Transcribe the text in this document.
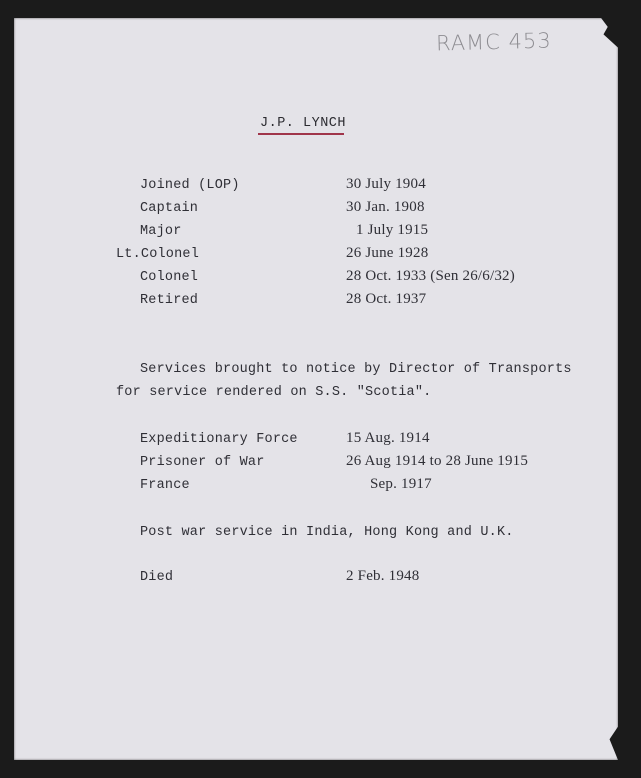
RAMC 453
J.P. LYNCH
Joined (LOP)	30 July 1904
Captain	30 Jan. 1908
Major	1 July 1915
Lt.Colonel	26 June 1928
Colonel	28 Oct. 1933 (Sen 26/6/32)
Retired	28 Oct. 1937
Services brought to notice by Director of Transports
for service rendered on S.S. "Scotia".
Expeditionary Force	15 Aug. 1914
Prisoner of War	26 Aug 1914 to 28 June 1915
France	Sep. 1917
Post war service in India, Hong Kong and U.K.
Died	2 Feb. 1948
